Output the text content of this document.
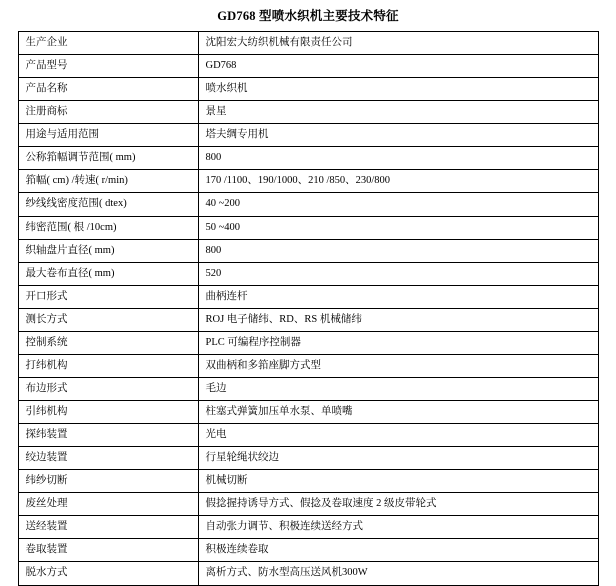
GD768 型喷水织机主要技术特征
生产企业	沈阳宏大纺织机械有限责任公司
产品型号	GD768
产品名称	喷水织机
注册商标	景星
用途与适用范围	塔夫绸专用机
公称筘幅调节范围( mm)	800
筘幅( cm) /转速( r/min)	170 /1100、190/1000、210 /850、230/800
纱线线密度范围( dtex)	40 ~200
纬密范围( 根 /10cm)	50 ~400
织轴盘片直径( mm)	800
最大卷布直径( mm)	520
开口形式	曲柄连杆
测长方式	ROJ 电子储纬、RD、RS 机械储纬
控制系统	PLC 可编程序控制器
打纬机构	双曲柄和多筘座脚方式型
布边形式	毛边
引纬机构	柱塞式弹簧加压单水泵、单喷嘴
探纬装置	光电
绞边装置	行星轮绳状绞边
纬纱切断	机械切断
废丝处理	假捻握持诱导方式、假捻及卷取速度 2 级皮带轮式
送经装置	自动张力调节、积极连续送经方式
卷取装置	积极连续卷取
脱水方式	离析方式、防水型高压送风机300W
